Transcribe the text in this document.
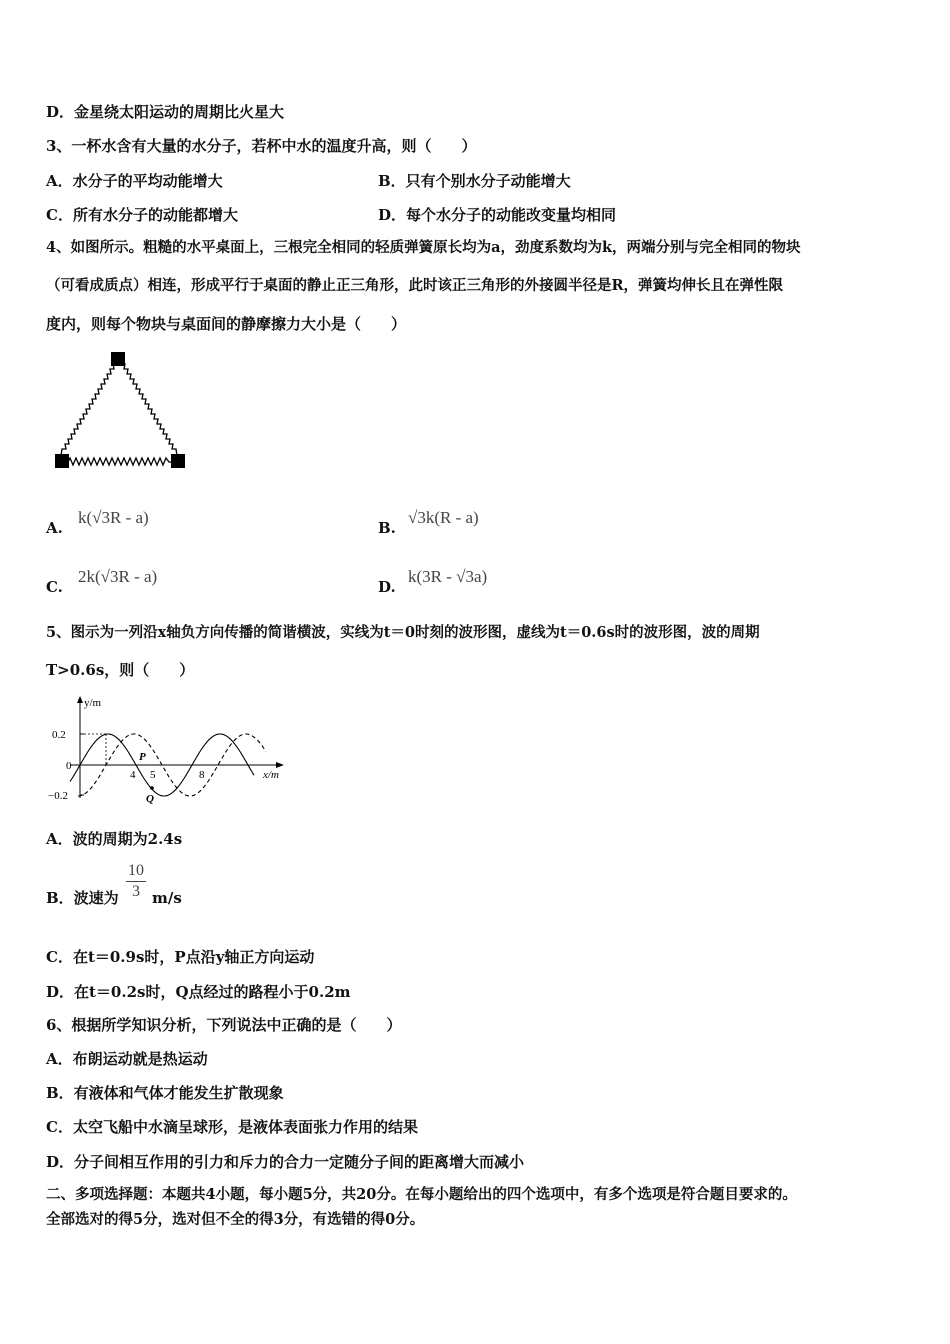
D．金星绕太阳运动的周期比火星大
3、一杯水含有大量的水分子，若杯中水的温度升高，则（　　）
A．水分子的平均动能增大	B．只有个别水分子动能增大
C．所有水分子的动能都增大	D．每个水分子的动能改变量均相同
4、如图所示。粗糙的水平桌面上，三根完全相同的轻质弹簧原长均为a，劲度系数均为k，两端分别与完全相同的物块
（可看成质点）相连，形成平行于桌面的静止正三角形，此时该正三角形的外接圆半径是R，弹簧均伸长且在弹性限
度内，则每个物块与桌面间的静摩擦力大小是（　　）
A.
k(√3R - a)
B.
√3k(R - a)
C.
2k(√3R - a)
D.
k(3R - √3a)
5、图示为一列沿x轴负方向传播的简谐横波，实线为t＝0时刻的波形图，虚线为t＝0.6s时的波形图，波的周期
T>0.6s，则（　　）
y/m
x/m
0.2
0
−0.2
4 5	8
P
Q
A．波的周期为2.4s
B．波速为
10
3 m/s
C．在t＝0.9s时，P点沿y轴正方向运动
D．在t＝0.2s时，Q点经过的路程小于0.2m
6、根据所学知识分析，下列说法中正确的是（　　）
A．布朗运动就是热运动
B．有液体和气体才能发生扩散现象
C．太空飞船中水滴呈球形，是液体表面张力作用的结果
D．分子间相互作用的引力和斥力的合力一定随分子间的距离增大而减小
二、多项选择题：本题共4小题，每小题5分，共20分。在每小题给出的四个选项中，有多个选项是符合题目要求的。
全部选对的得5分，选对但不全的得3分，有选错的得0分。
